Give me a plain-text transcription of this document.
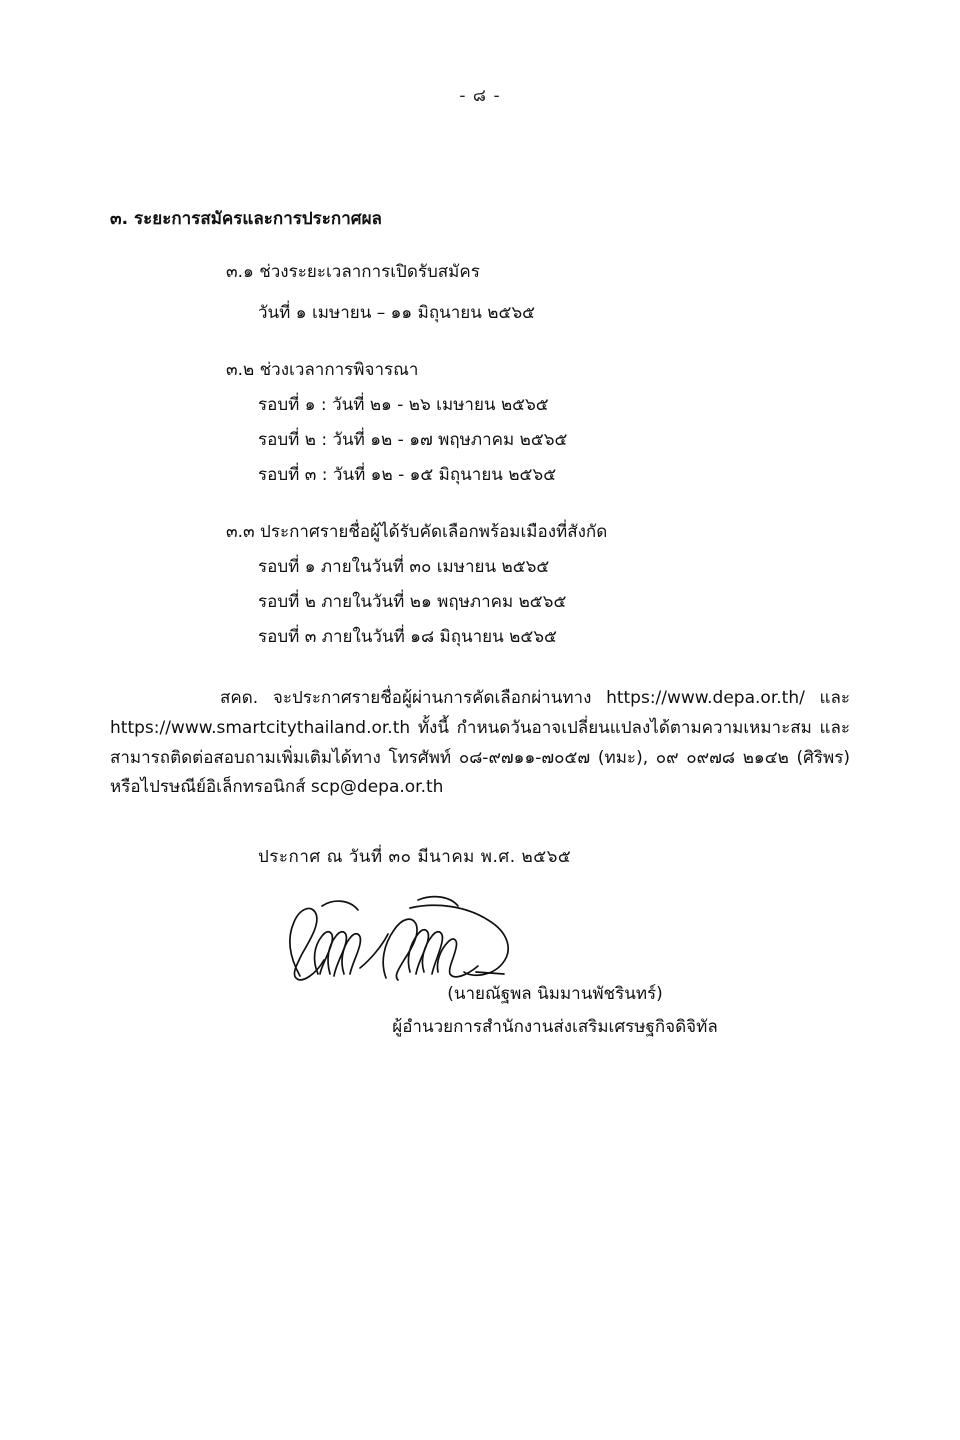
- ๘ -
๓. ระยะการสมัครและการประกาศผล
๓.๑ ช่วงระยะเวลาการเปิดรับสมัคร
วันที่ ๑ เมษายน – ๑๑ มิถุนายน ๒๕๖๕
๓.๒ ช่วงเวลาการพิจารณา
รอบที่ ๑ : วันที่ ๒๑ - ๒๖ เมษายน ๒๕๖๕
รอบที่ ๒ : วันที่ ๑๒ - ๑๗ พฤษภาคม ๒๕๖๕
รอบที่ ๓ : วันที่ ๑๒ - ๑๕ มิถุนายน ๒๕๖๕
๓.๓ ประกาศรายชื่อผู้ได้รับคัดเลือกพร้อมเมืองที่สังกัด
รอบที่ ๑ ภายในวันที่ ๓๐ เมษายน ๒๕๖๕
รอบที่ ๒ ภายในวันที่ ๒๑ พฤษภาคม ๒๕๖๕
รอบที่ ๓ ภายในวันที่ ๑๘ มิถุนายน ๒๕๖๕
สคด. จะประกาศรายชื่อผู้ผ่านการคัดเลือกผ่านทาง https://www.depa.or.th/ และ https://www.smartcitythailand.or.th ทั้งนี้ กำหนดวันอาจเปลี่ยนแปลงได้ตามความเหมาะสม และสามารถติดต่อสอบถามเพิ่มเติมได้ทาง โทรศัพท์ ๐๘-๙๗๑๑-๗๐๕๗ (ทมะ), ๐๙ ๐๙๗๘ ๒๑๔๒ (ศิริพร) หรือไปรษณีย์อิเล็กทรอนิกส์ scp@depa.or.th
ประกาศ ณ วันที่ ๓๐ มีนาคม พ.ศ. ๒๕๖๕
(นายณัฐพล นิมมานพัชรินทร์)
ผู้อำนวยการสำนักงานส่งเสริมเศรษฐกิจดิจิทัล
